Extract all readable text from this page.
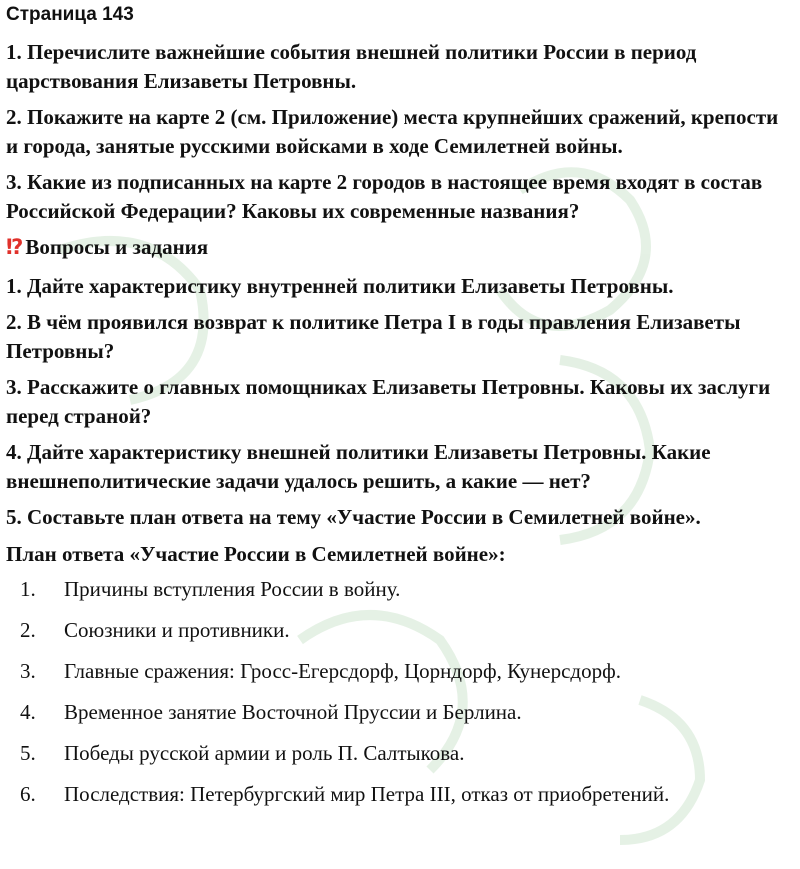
Страница 143

1. Перечислите важнейшие события внешней политики России в период царствования Елизаветы Петровны.

2. Покажите на карте 2 (см. Приложение) места крупнейших сражений, крепости и города, занятые русскими войсками в ходе Семилетней войны.

3. Какие из подписанных на карте 2 городов в настоящее время входят в состав Российской Федерации? Каковы их современные названия?

⁉ Вопросы и задания

1. Дайте характеристику внутренней политики Елизаветы Петровны.

2. В чём проявился возврат к политике Петра I в годы правления Елизаветы Петровны?

3. Расскажите о главных помощниках Елизаветы Петровны. Каковы их заслуги перед страной?

4. Дайте характеристику внешней политики Елизаветы Петровны. Какие внешнеполитические задачи удалось решить, а какие — нет?

5. Составьте план ответа на тему «Участие России в Семилетней войне».

План ответа «Участие России в Семилетней войне»:
1.	Причины вступления России в войну.
2.	Союзники и противники.
3.	Главные сражения: Гросс-Егерсдорф, Цорндорф, Кунерсдорф.
4.	Временное занятие Восточной Пруссии и Берлина.
5.	Победы русской армии и роль П. Салтыкова.
6.	Последствия: Петербургский мир Петра III, отказ от приобретений.
